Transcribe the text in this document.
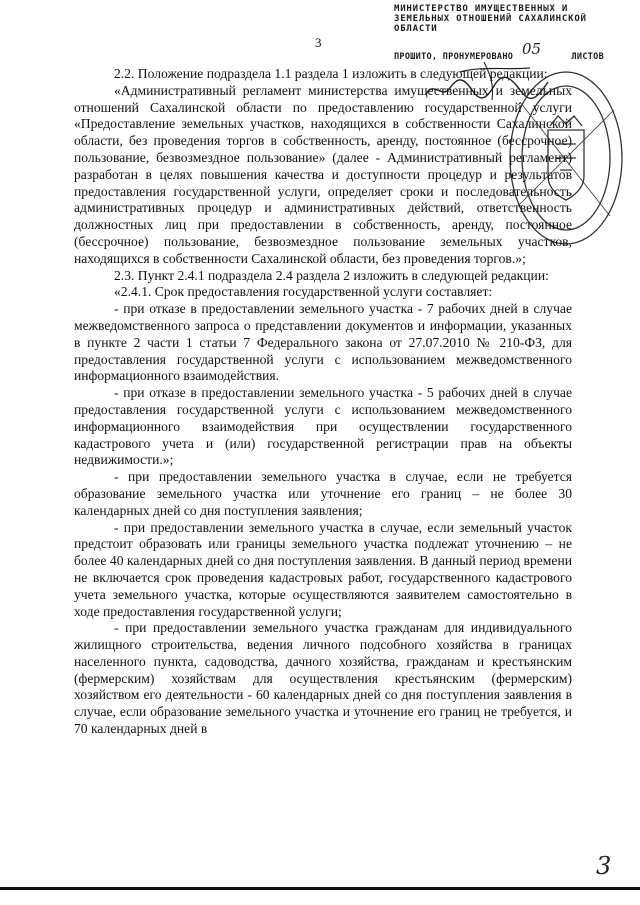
МИНИСТЕРСТВО ИМУЩЕСТВЕННЫХ И
ЗЕМЕЛЬНЫХ ОТНОШЕНИЙ САХАЛИНСКОЙ
ОБЛАСТИ
ПРОШИТО, ПРОНУМЕРОВАНО 05	ЛИСТОВ
3

2.2. Положение подраздела 1.1 раздела 1 изложить в следующей редакции:

«Административный регламент министерства имущественных и земельных отношений Сахалинской области по предоставлению государственной услуги «Предоставление земельных участков, находящихся в собственности Сахалинской области, без проведения торгов в собственность, аренду, постоянное (бессрочное) пользование, безвозмездное пользование» (далее - Административный регламент) разработан в целях повышения качества и доступности процедур и результатов предоставления государственной услуги, определяет сроки и последовательность административных процедур и административных действий, ответственность должностных лиц при предоставлении в собственность, аренду, постоянное (бессрочное) пользование, безвозмездное пользование земельных участков, находящихся в собственности Сахалинской области, без проведения торгов.»;

2.3. Пункт 2.4.1 подраздела 2.4 раздела 2 изложить в следующей редакции:

«2.4.1. Срок предоставления государственной услуги составляет:

- при отказе в предоставлении земельного участка - 7 рабочих дней в случае межведомственного запроса о представлении документов и информации, указанных в пункте 2 части 1 статьи 7 Федерального закона от 27.07.2010 № 210-ФЗ, для предоставления государственной услуги с использованием межведомственного информационного взаимодействия.

- при отказе в предоставлении земельного участка - 5 рабочих дней в случае предоставления государственной услуги с использованием межведомственного информационного взаимодействия при осуществлении государственного кадастрового учета и (или) государственной регистрации прав на объекты недвижимости.»;

- при предоставлении земельного участка в случае, если не требуется образование земельного участка или уточнение его границ – не более 30 календарных дней со дня поступления заявления;

- при предоставлении земельного участка в случае, если земельный участок предстоит образовать или границы земельного участка подлежат уточнению – не более 40 календарных дней со дня поступления заявления. В данный период времени не включается срок проведения кадастровых работ, государственного кадастрового учета земельного участка, которые осуществляются заявителем самостоятельно в ходе предоставления государственной услуги;

- при предоставлении земельного участка гражданам для индивидуального жилищного строительства, ведения личного подсобного хозяйства в границах населенного пункта, садоводства, дачного хозяйства, гражданам и крестьянским (фермерским) хозяйствам для осуществления крестьянским (фермерским) хозяйством его деятельности - 60 календарных дней со дня поступления заявления в случае, если образование земельного участка и уточнение его границ не требуется, и 70 календарных дней в

3
